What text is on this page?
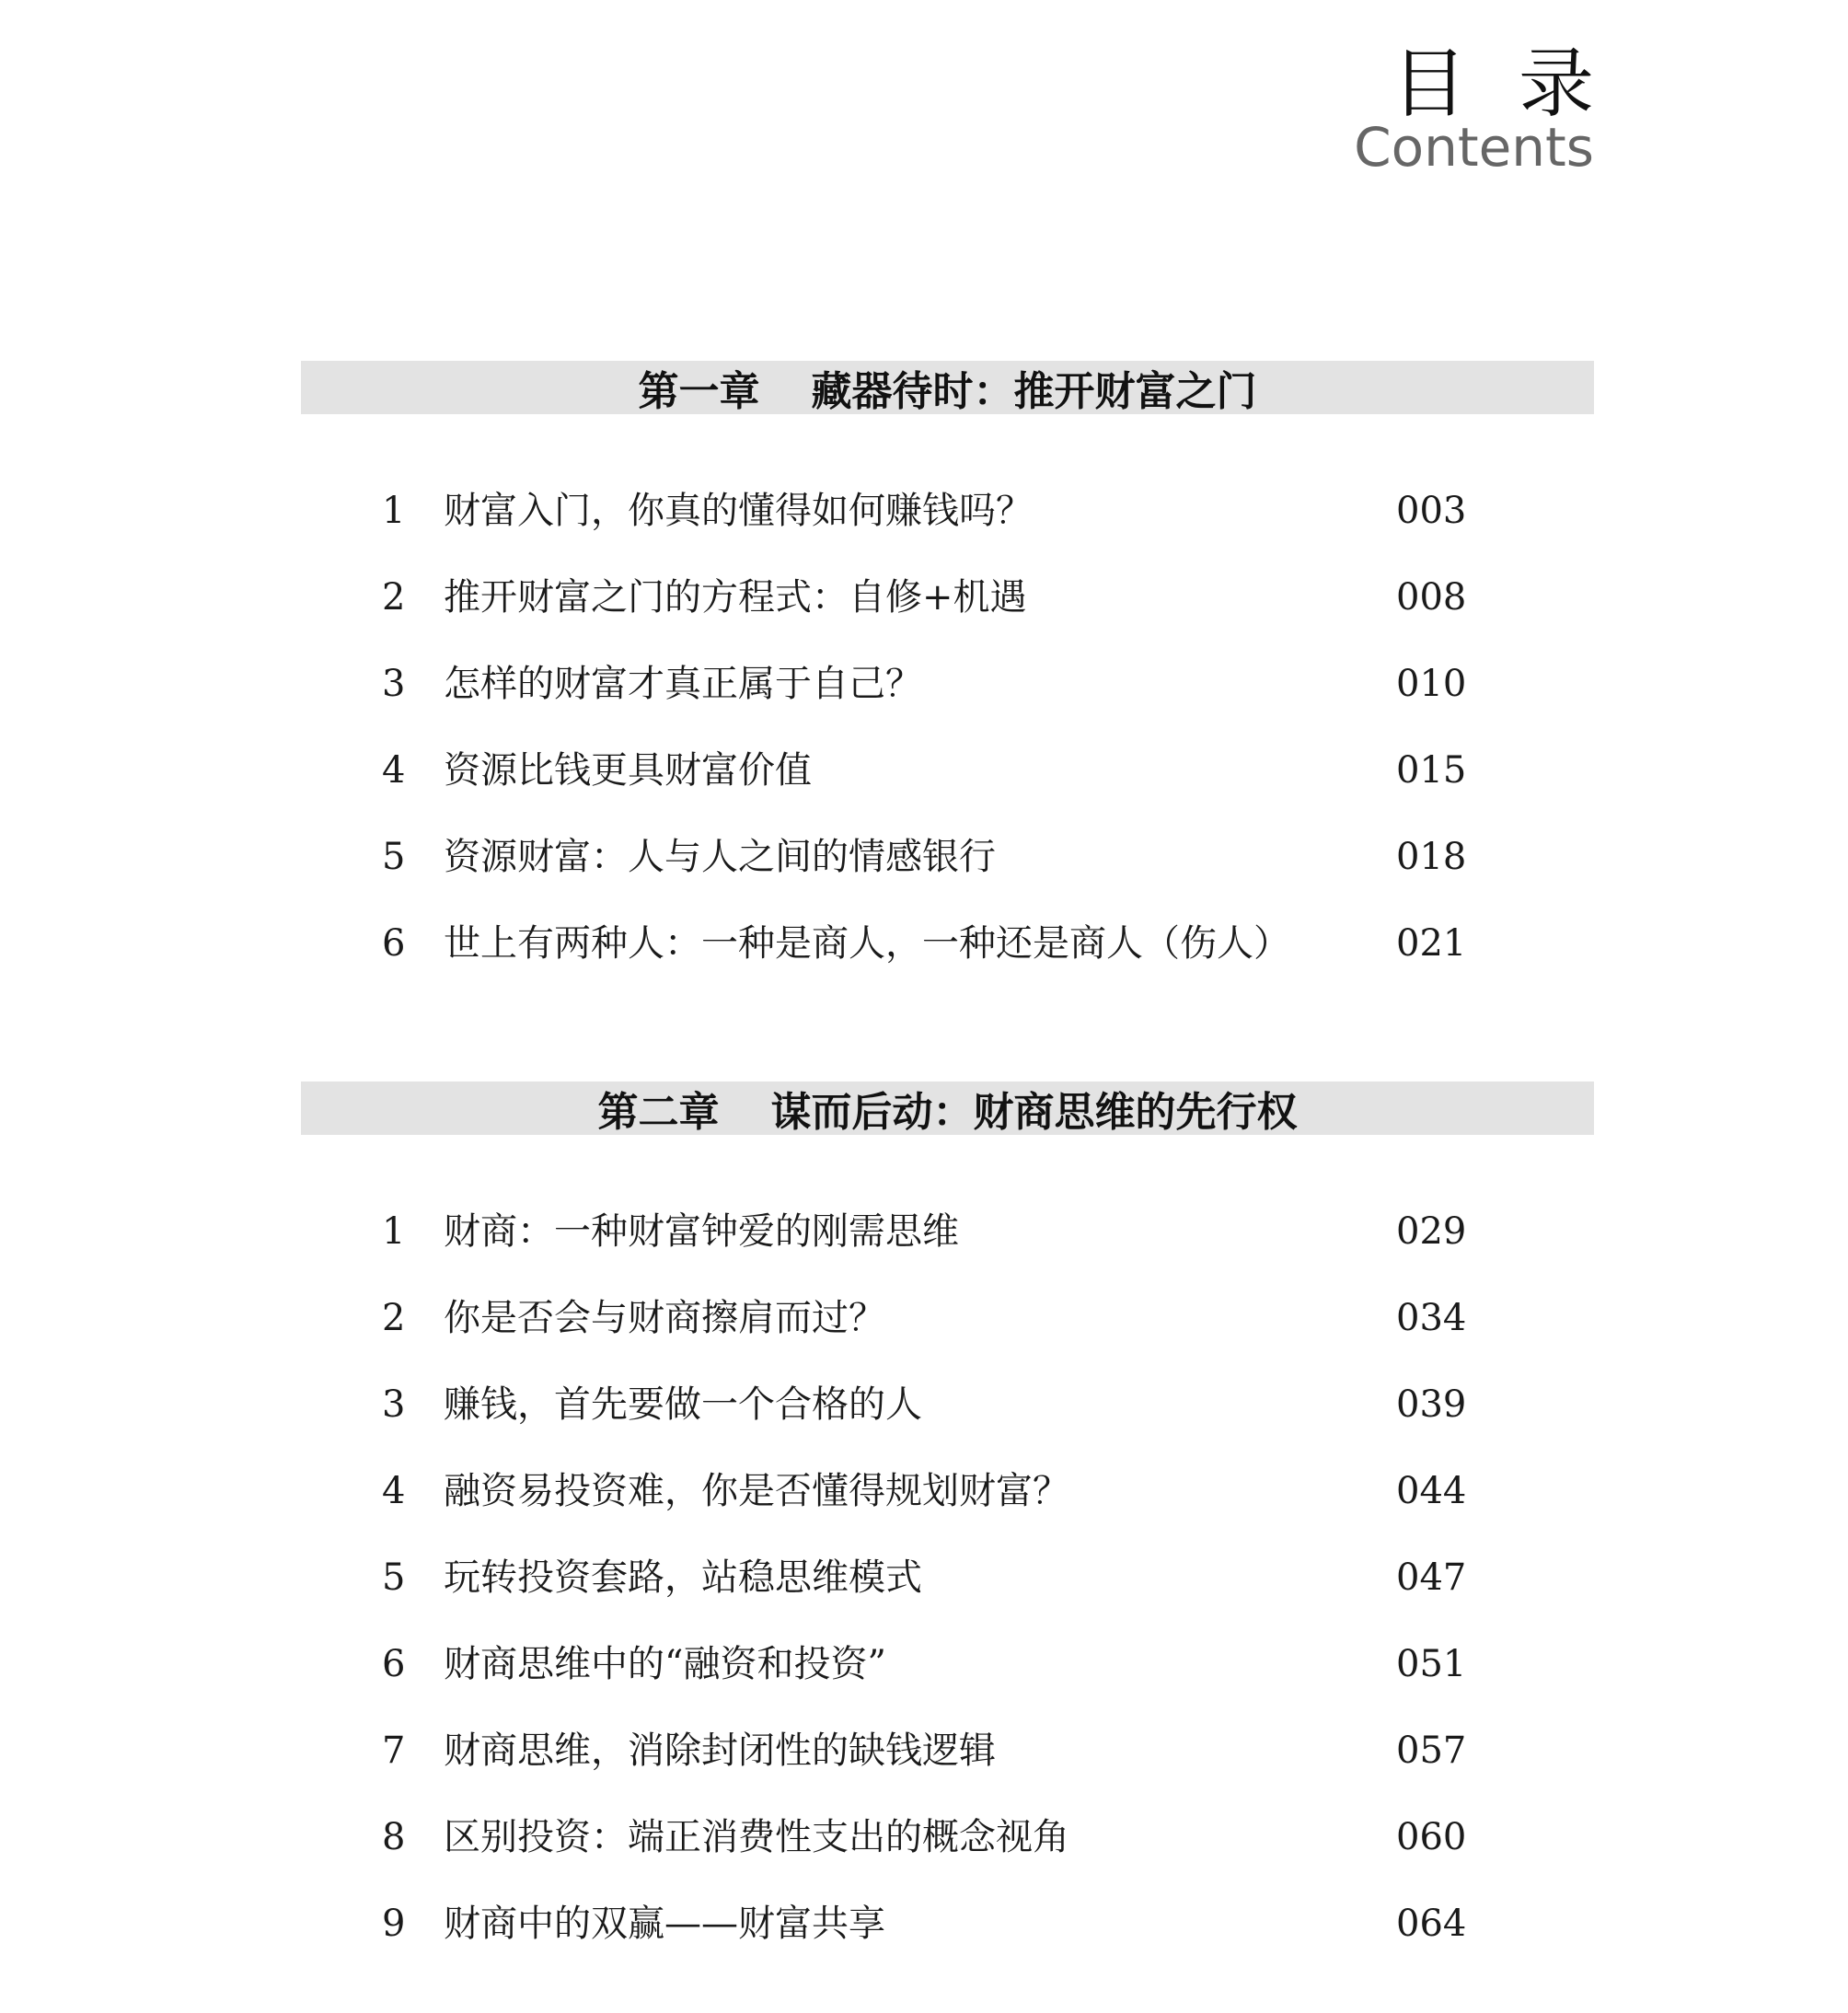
目录
Contents
第一章 藏器待时：推开财富之门
1 财富入门，你真的懂得如何赚钱吗？	003
2 推开财富之门的方程式：自修+机遇	008
3 怎样的财富才真正属于自己？	010
4 资源比钱更具财富价值	015
5 资源财富：人与人之间的情感银行	018
6 世上有两种人：一种是商人，一种还是商人（伤人）	021
第二章 谋而后动：财商思维的先行权
1 财商：一种财富钟爱的刚需思维	029
2 你是否会与财商擦肩而过？	034
3 赚钱，首先要做一个合格的人	039
4 融资易投资难，你是否懂得规划财富？	044
5 玩转投资套路，站稳思维模式	047
6 财商思维中的“融资和投资”	051
7 财商思维，消除封闭性的缺钱逻辑	057
8 区别投资：端正消费性支出的概念视角	060
9 财商中的双赢——财富共享	064
